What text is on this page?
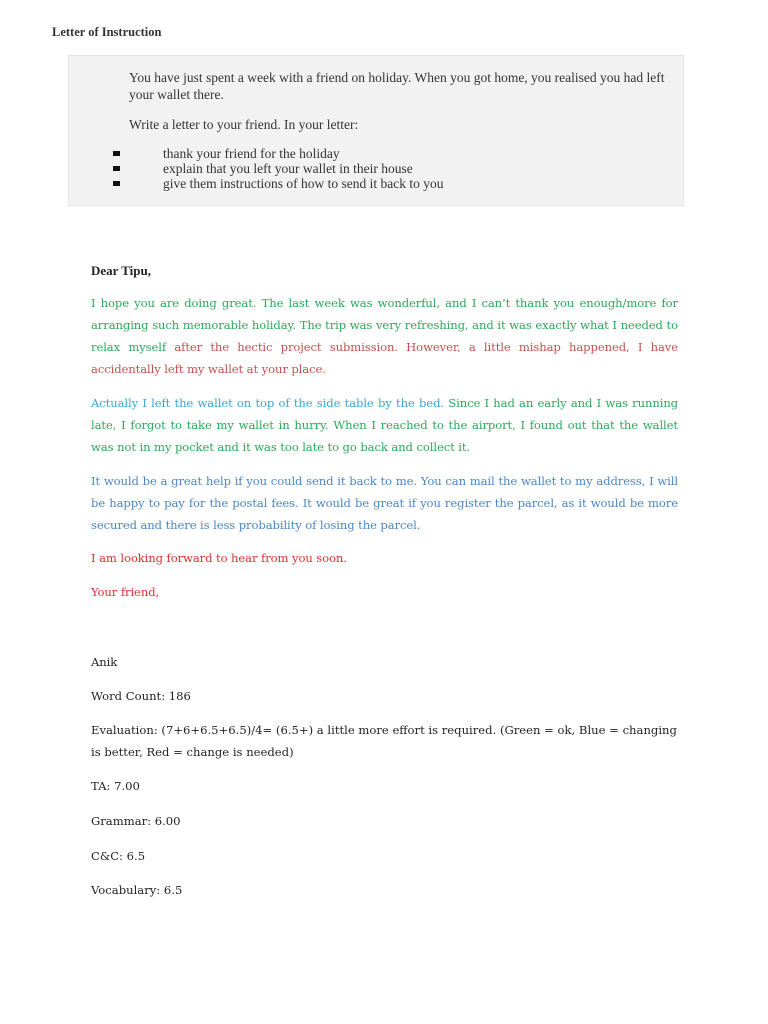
Letter of Instruction
You have just spent a week with a friend on holiday. When you got home, you realised you had left your wallet there.
Write a letter to your friend. In your letter:
thank your friend for the holiday
explain that you left your wallet in their house
give them instructions of how to send it back to you
Dear Tipu,
I hope you are doing great. The last week was wonderful, and I can’t thank you enough/more for arranging such memorable holiday. The trip was very refreshing, and it was exactly what I needed to relax myself after the hectic project submission. However, a little mishap happened, I have accidentally left my wallet at your place.
Actually I left the wallet on top of the side table by the bed. Since I had an early and I was running late, I forgot to take my wallet in hurry. When I reached to the airport, I found out that the wallet was not in my pocket and it was too late to go back and collect it.
It would be a great help if you could send it back to me. You can mail the wallet to my address, I will be happy to pay for the postal fees. It would be great if you register the parcel, as it would be more secured and there is less probability of losing the parcel.
I am looking forward to hear from you soon.
Your friend,
Anik
Word Count: 186
Evaluation: (7+6+6.5+6.5)/4= (6.5+) a little more effort is required. (Green = ok, Blue = changing is better, Red = change is needed)
TA: 7.00
Grammar: 6.00
C&C: 6.5
Vocabulary: 6.5
